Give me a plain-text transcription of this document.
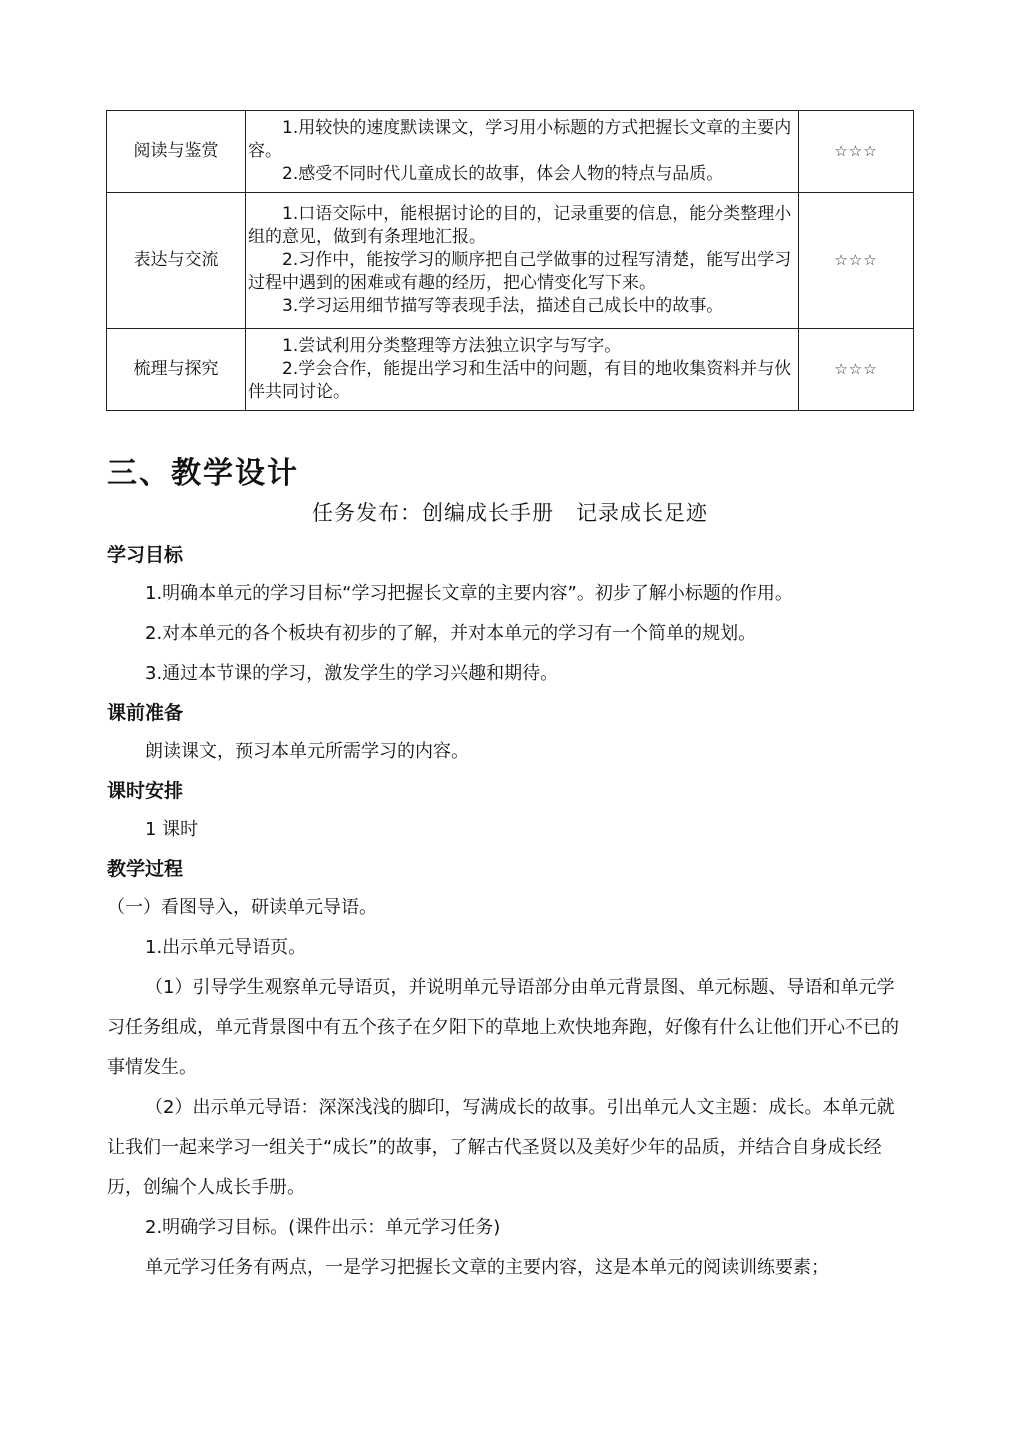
阅读与鉴赏	1.用较快的速度默读课文，学习用小标题的方式把握长文章的主要内容。

2.感受不同时代儿童成长的故事，体会人物的特点与品质。	☆☆☆
表达与交流	1.口语交际中，能根据讨论的目的，记录重要的信息，能分类整理小组的意见，做到有条理地汇报。

2.习作中，能按学习的顺序把自己学做事的过程写清楚，能写出学习过程中遇到的困难或有趣的经历，把心情变化写下来。

3.学习运用细节描写等表现手法，描述自己成长中的故事。	☆☆☆
梳理与探究	1.尝试利用分类整理等方法独立识字与写字。

2.学会合作，能提出学习和生活中的问题，有目的地收集资料并与伙伴共同讨论。	☆☆☆
三、教学设计
任务发布：创编成长手册　记录成长足迹
学习目标

1.明确本单元的学习目标“学习把握长文章的主要内容”。初步了解小标题的作用。

2.对本单元的各个板块有初步的了解，并对本单元的学习有一个简单的规划。

3.通过本节课的学习，激发学生的学习兴趣和期待。

课前准备

朗读课文，预习本单元所需学习的内容。

课时安排

1 课时

教学过程

（一）看图导入，研读单元导语。

1.出示单元导语页。

（1）引导学生观察单元导语页，并说明单元导语部分由单元背景图、单元标题、导语和单元学习任务组成，单元背景图中有五个孩子在夕阳下的草地上欢快地奔跑，好像有什么让他们开心不已的事情发生。

（2）出示单元导语：深深浅浅的脚印，写满成长的故事。引出单元人文主题：成长。本单元就让我们一起来学习一组关于“成长”的故事，了解古代圣贤以及美好少年的品质，并结合自身成长经历，创编个人成长手册。

2.明确学习目标。(课件出示：单元学习任务)

单元学习任务有两点，一是学习把握长文章的主要内容，这是本单元的阅读训练要素；
